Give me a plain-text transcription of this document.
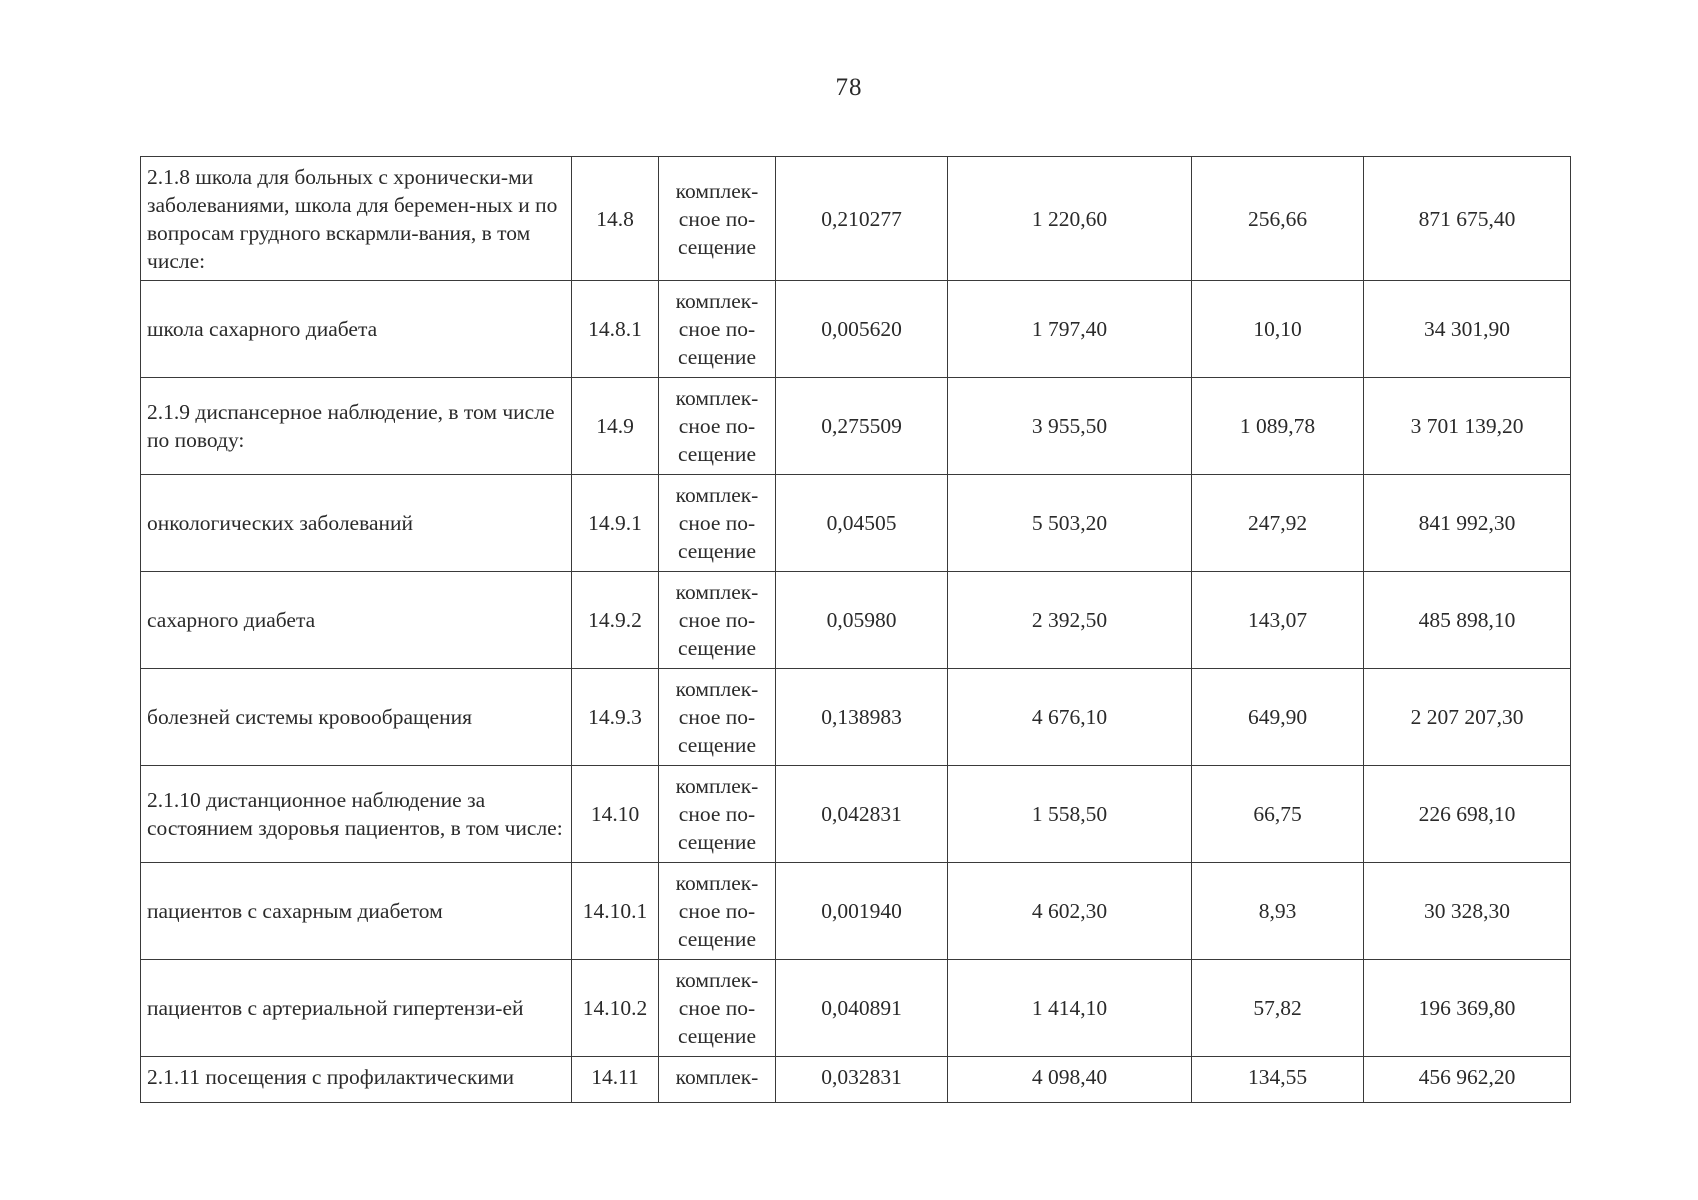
78
2.1.8 школа для больных с хронически-ми заболеваниями, школа для беремен-ных и по вопросам грудного вскармли-вания, в том числе:	14.8	комплек-сное по-сещение	0,210277	1 220,60	256,66	871 675,40
школа сахарного диабета	14.8.1	комплек-сное по-сещение	0,005620	1 797,40	10,10	34 301,90
2.1.9 диспансерное наблюдение, в том числе по поводу:	14.9	комплек-сное по-сещение	0,275509	3 955,50	1 089,78	3 701 139,20
онкологических заболеваний	14.9.1	комплек-сное по-сещение	0,04505	5 503,20	247,92	841 992,30
сахарного диабета	14.9.2	комплек-сное по-сещение	0,05980	2 392,50	143,07	485 898,10
болезней системы кровообращения	14.9.3	комплек-сное по-сещение	0,138983	4 676,10	649,90	2 207 207,30
2.1.10 дистанционное наблюдение за состоянием здоровья пациентов, в том числе:	14.10	комплек-сное по-сещение	0,042831	1 558,50	66,75	226 698,10
пациентов с сахарным диабетом	14.10.1	комплек-сное по-сещение	0,001940	4 602,30	8,93	30 328,30
пациентов с артериальной гипертензи-ей	14.10.2	комплек-сное по-сещение	0,040891	1 414,10	57,82	196 369,80
2.1.11 посещения с профилактическими	14.11	комплек-	0,032831	4 098,40	134,55	456 962,20
